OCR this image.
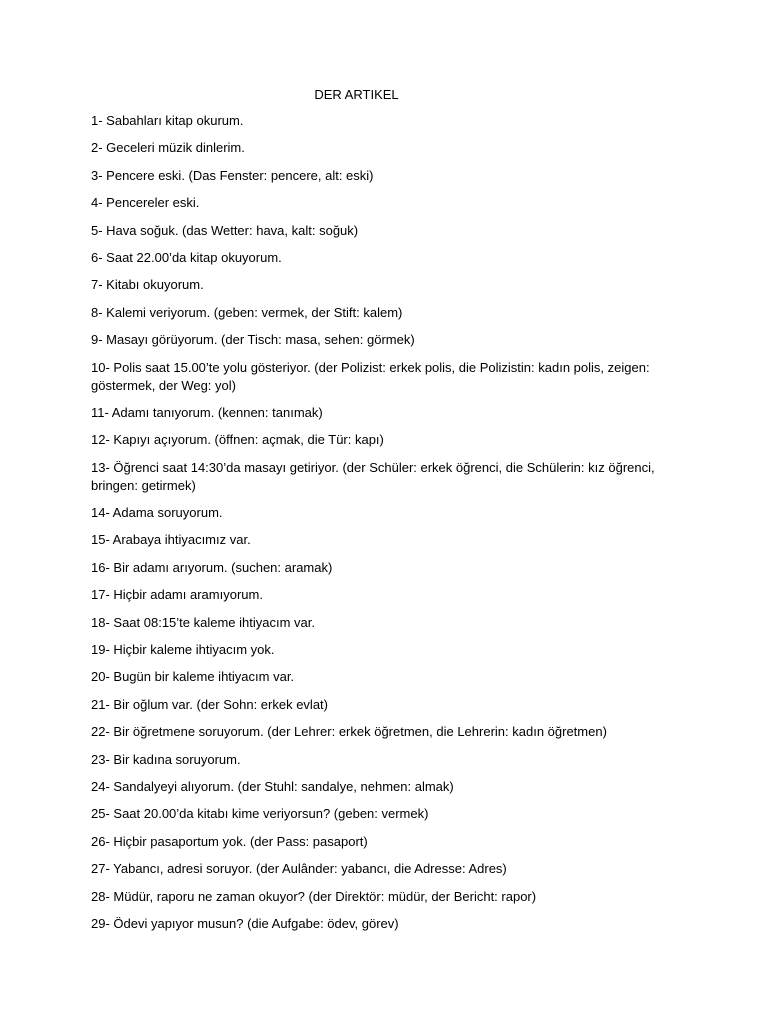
DER ARTIKEL
1- Sabahları kitap okurum.
2- Geceleri müzik dinlerim.
3- Pencere eski. (Das Fenster: pencere, alt: eski)
4- Pencereler eski.
5- Hava soğuk. (das Wetter: hava, kalt: soğuk)
6- Saat 22.00’da kitap okuyorum.
7- Kitabı okuyorum.
8- Kalemi veriyorum. (geben: vermek, der Stift: kalem)
9- Masayı görüyorum. (der Tisch: masa, sehen: görmek)
10- Polis saat 15.00’te yolu gösteriyor. (der Polizist: erkek polis, die Polizistin: kadın polis, zeigen: göstermek, der Weg: yol)
11- Adamı tanıyorum. (kennen: tanımak)
12- Kapıyı açıyorum. (öffnen: açmak, die Tür: kapı)
13- Öğrenci saat 14:30’da masayı getiriyor. (der Schüler: erkek öğrenci, die Schülerin: kız öğrenci, bringen: getirmek)
14- Adama soruyorum.
15- Arabaya ihtiyacımız var.
16- Bir adamı arıyorum. (suchen: aramak)
17- Hiçbir adamı aramıyorum.
18- Saat 08:15’te kaleme ihtiyacım var.
19- Hiçbir kaleme ihtiyacım yok.
20- Bugün bir kaleme ihtiyacım var.
21- Bir oğlum var. (der Sohn: erkek evlat)
22- Bir öğretmene soruyorum. (der Lehrer: erkek öğretmen, die Lehrerin: kadın öğretmen)
23- Bir kadına soruyorum.
24- Sandalyeyi alıyorum. (der Stuhl: sandalye, nehmen: almak)
25- Saat 20.00’da kitabı kime veriyorsun? (geben: vermek)
26- Hiçbir pasaportum yok. (der Pass: pasaport)
27- Yabancı, adresi soruyor. (der Aulânder: yabancı, die Adresse: Adres)
28- Müdür, raporu ne zaman okuyor? (der Direktör: müdür, der Bericht: rapor)
29- Ödevi yapıyor musun? (die Aufgabe: ödev, görev)
